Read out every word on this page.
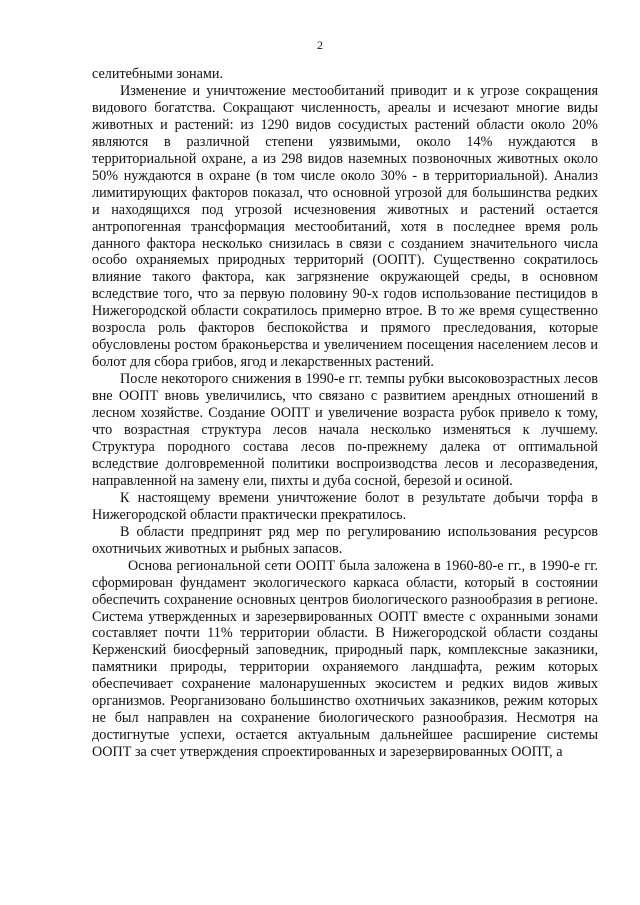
2

селитебными зонами.

Изменение и уничтожение местообитаний приводит и к угрозе сокращения видового богатства. Сокращают численность, ареалы и исчезают многие виды животных и растений: из 1290 видов сосудистых растений области около 20% являются в различной степени уязвимыми, около 14% нуждаются в территориальной охране, а из 298 видов наземных позвоночных животных около 50% нуждаются в охране (в том числе около 30% - в территориальной). Анализ лимитирующих факторов показал, что основной угрозой для большинства редких и находящихся под угрозой исчезновения животных и растений остается антропогенная трансформация местообитаний, хотя в последнее время роль данного фактора несколько снизилась в связи с созданием значительного числа особо охраняемых природных территорий (ООПТ). Существенно сократилось влияние такого фактора, как загрязнение окружающей среды, в основном вследствие того, что за первую половину 90-х годов использование пестицидов в Нижегородской области сократилось примерно втрое. В то же время существенно возросла роль факторов беспокойства и прямого преследования, которые обусловлены ростом браконьерства и увеличением посещения населением лесов и болот для сбора грибов, ягод и лекарственных растений.

После некоторого снижения в 1990-е гг. темпы рубки высоковозрастных лесов вне ООПТ вновь увеличились, что связано с развитием арендных отношений в лесном хозяйстве. Создание ООПТ и увеличение возраста рубок привело к тому, что возрастная структура лесов начала несколько изменяться к лучшему. Структура породного состава лесов по-прежнему далека от оптимальной вследствие долговременной политики воспроизводства лесов и лесоразведения, направленной на замену ели, пихты и дуба сосной, березой и осиной.

К настоящему времени уничтожение болот в результате добычи торфа в Нижегородской области практически прекратилось.

В области предпринят ряд мер по регулированию использования ресурсов охотничьих животных и рыбных запасов.

Основа региональной сети ООПТ была заложена в 1960-80-е гг., в 1990-е гг. сформирован фундамент экологического каркаса области, который в состоянии обеспечить сохранение основных центров биологического разнообразия в регионе. Система утвержденных и зарезервированных ООПТ вместе с охранными зонами составляет почти 11% территории области. В Нижегородской области созданы Керженский биосферный заповедник, природный парк, комплексные заказники, памятники природы, территории охраняемого ландшафта, режим которых обеспечивает сохранение малонарушенных экосистем и редких видов живых организмов. Реорганизовано большинство охотничьих заказников, режим которых не был направлен на сохранение биологического разнообразия. Несмотря на достигнутые успехи, остается актуальным дальнейшее расширение системы ООПТ за счет утверждения спроектированных и зарезервированных ООПТ, а
